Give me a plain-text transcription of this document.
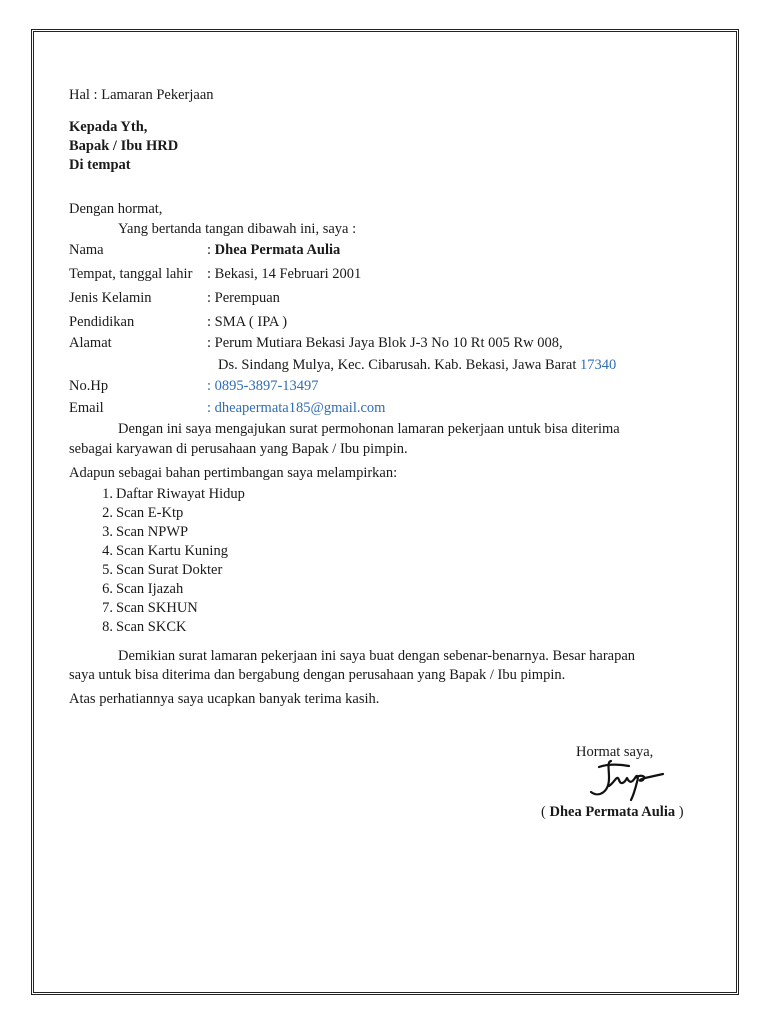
Hal : Lamaran Pekerjaan
Kepada Yth,
Bapak / Ibu HRD
Di tempat
Dengan hormat,
Yang bertanda tangan dibawah ini, saya :
Nama	: Dhea Permata Aulia
Tempat, tanggal lahir : Bekasi, 14 Februari 2001
Jenis Kelamin	: Perempuan
Pendidikan	: SMA ( IPA )
Alamat	: Perum Mutiara Bekasi Jaya Blok J-3 No 10 Rt 005 Rw 008,
Ds. Sindang Mulya, Kec. Cibarusah. Kab. Bekasi, Jawa Barat 17340
No.Hp	: 0895-3897-13497
Email	: dheapermata185@gmail.com
Dengan ini saya mengajukan surat permohonan lamaran pekerjaan untuk bisa diterima
sebagai karyawan di perusahaan yang Bapak / Ibu pimpin.
Adapun sebagai bahan pertimbangan saya melampirkan:
1. Daftar Riwayat Hidup
2. Scan E-Ktp
3. Scan NPWP
4. Scan Kartu Kuning
5. Scan Surat Dokter
6. Scan Ijazah
7. Scan SKHUN
8. Scan SKCK
Demikian surat lamaran pekerjaan ini saya buat dengan sebenar-benarnya. Besar harapan
saya untuk bisa diterima dan bergabung dengan perusahaan yang Bapak / Ibu pimpin.
Atas perhatiannya saya ucapkan banyak terima kasih.
Hormat saya,
( Dhea Permata Aulia )
